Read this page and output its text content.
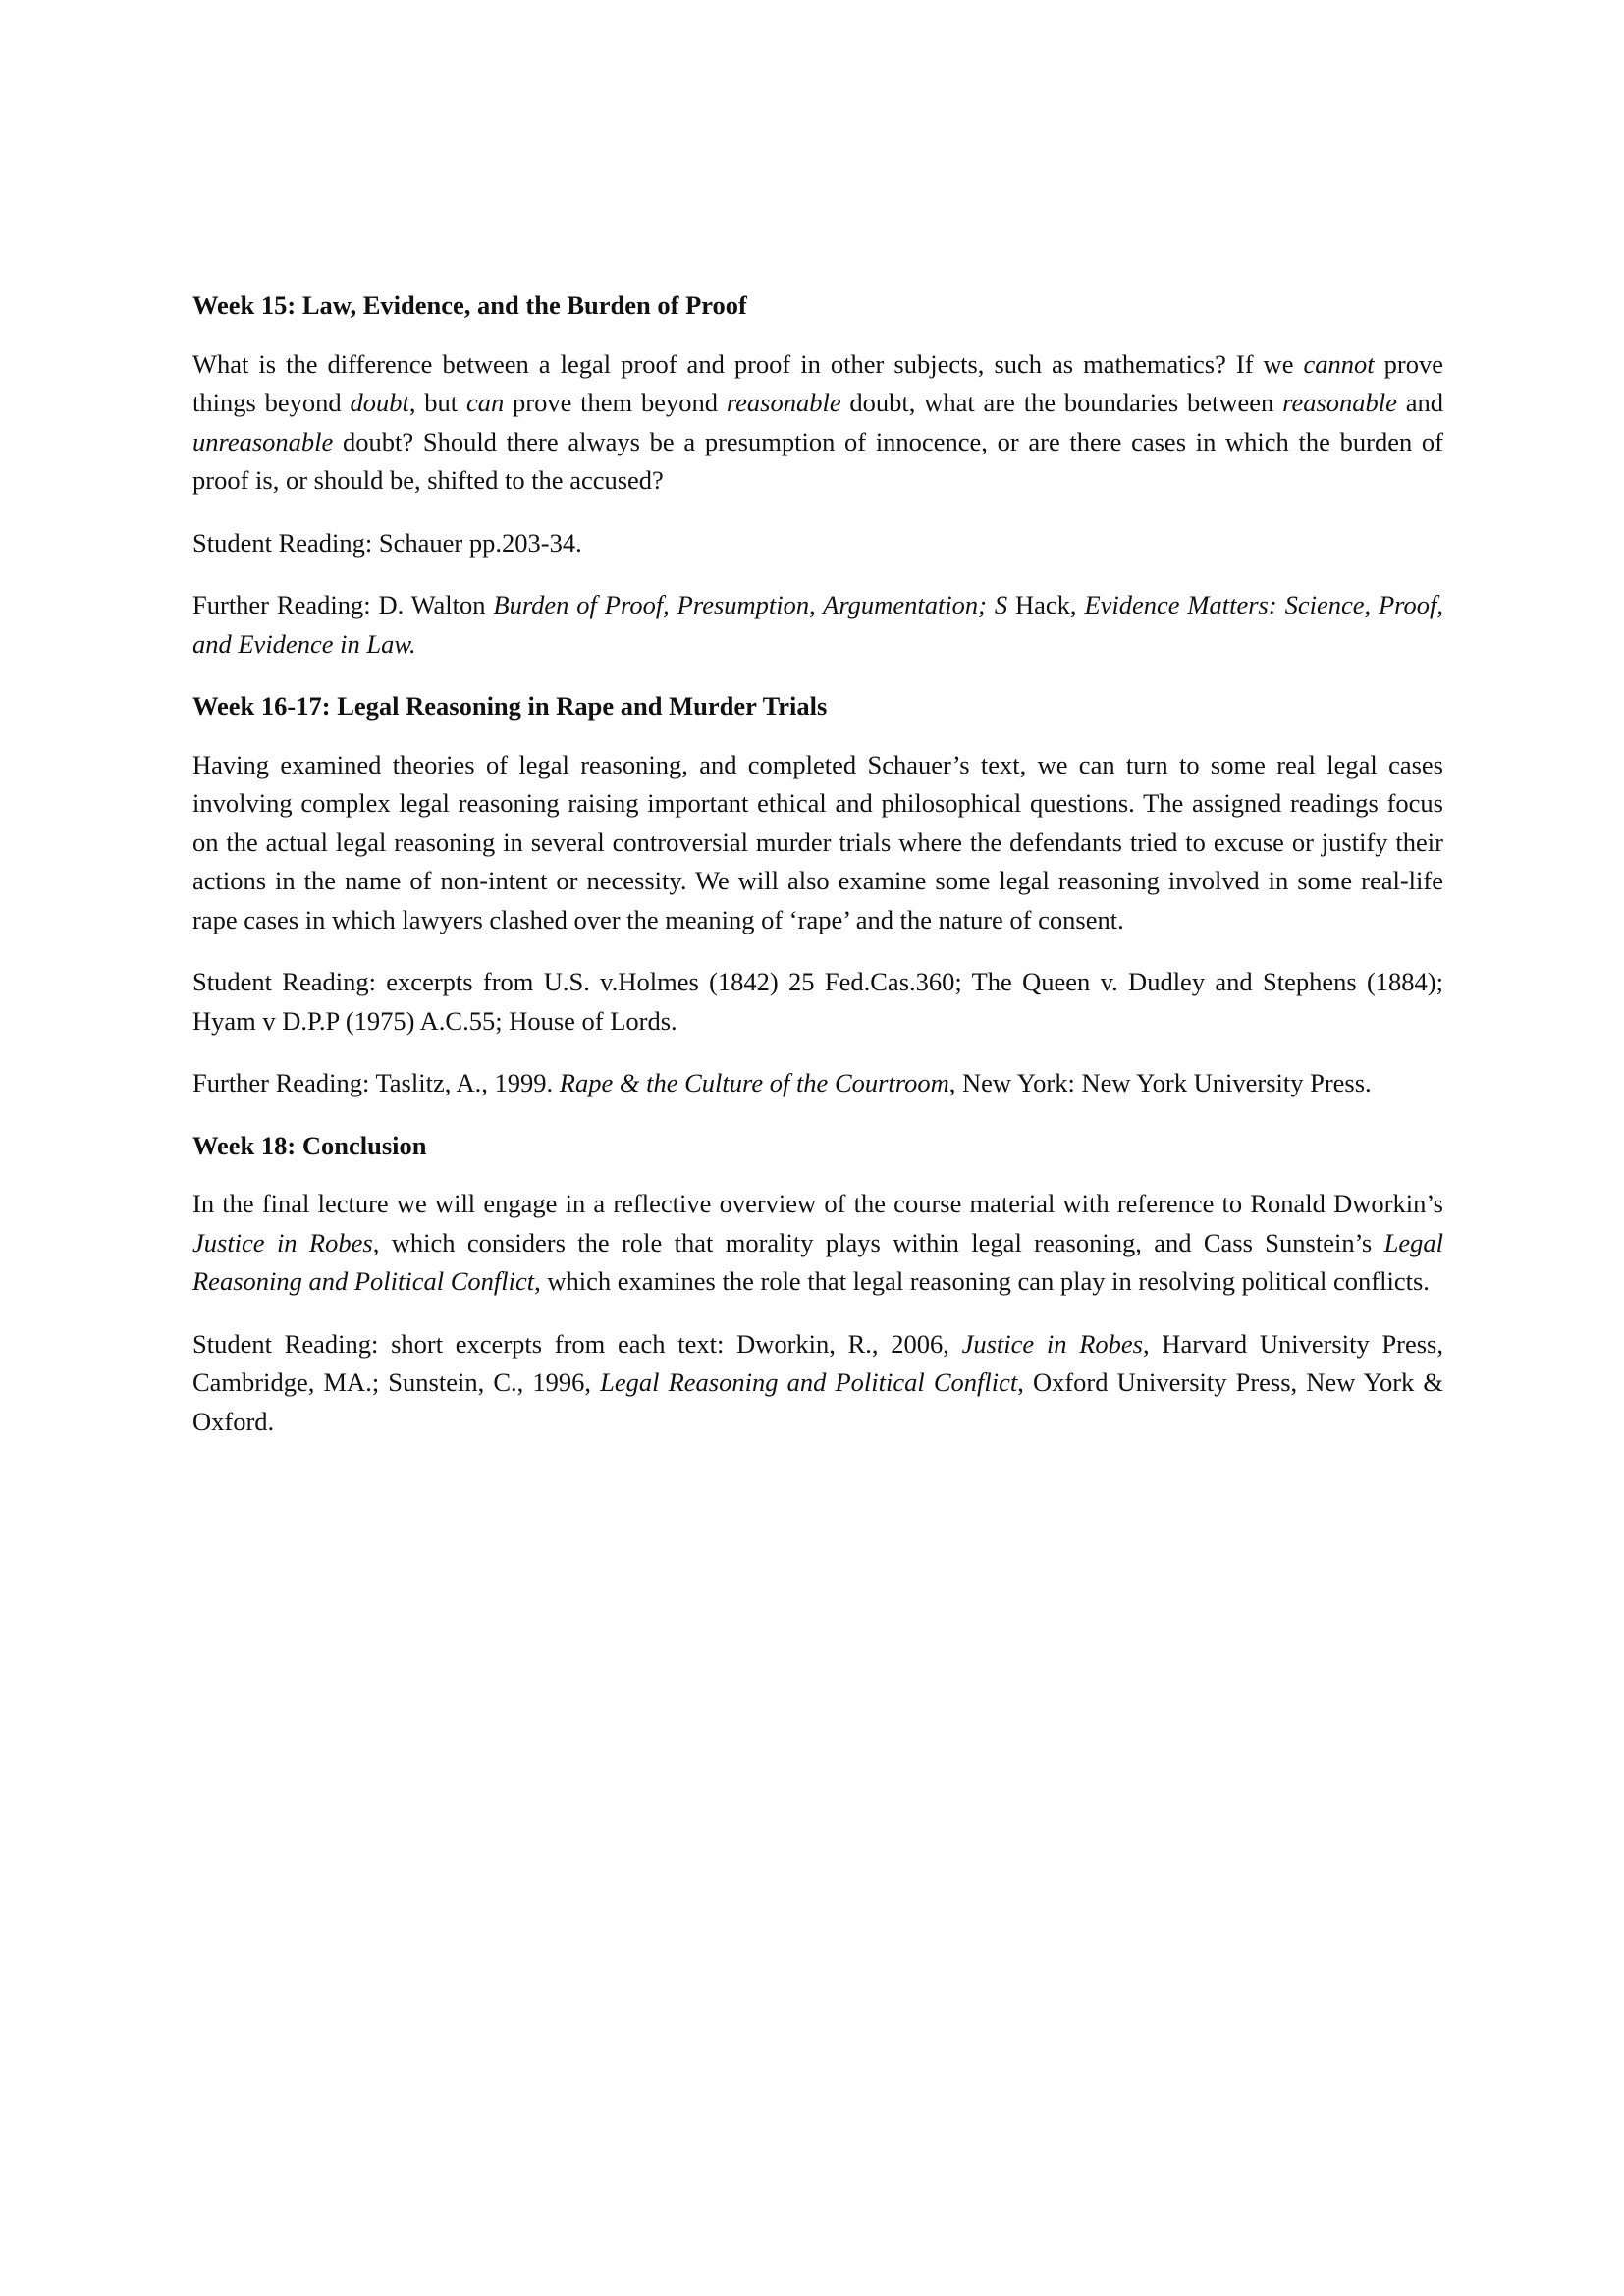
Week 15: Law, Evidence, and the Burden of Proof

What is the difference between a legal proof and proof in other subjects, such as mathematics? If we cannot prove things beyond doubt, but can prove them beyond reasonable doubt, what are the boundaries between reasonable and unreasonable doubt? Should there always be a presumption of innocence, or are there cases in which the burden of proof is, or should be, shifted to the accused?

Student Reading: Schauer pp.203-34.

Further Reading: D. Walton Burden of Proof, Presumption, Argumentation; S Hack, Evidence Matters: Science, Proof, and Evidence in Law.

Week 16-17: Legal Reasoning in Rape and Murder Trials

Having examined theories of legal reasoning, and completed Schauer’s text, we can turn to some real legal cases involving complex legal reasoning raising important ethical and philosophical questions. The assigned readings focus on the actual legal reasoning in several controversial murder trials where the defendants tried to excuse or justify their actions in the name of non-intent or necessity. We will also examine some legal reasoning involved in some real-life rape cases in which lawyers clashed over the meaning of ‘rape’ and the nature of consent.

Student Reading: excerpts from U.S. v.Holmes (1842) 25 Fed.Cas.360; The Queen v. Dudley and Stephens (1884); Hyam v D.P.P (1975) A.C.55; House of Lords.

Further Reading: Taslitz, A., 1999. Rape & the Culture of the Courtroom, New York: New York University Press.

Week 18: Conclusion

In the final lecture we will engage in a reflective overview of the course material with reference to Ronald Dworkin’s Justice in Robes, which considers the role that morality plays within legal reasoning, and Cass Sunstein’s Legal Reasoning and Political Conflict, which examines the role that legal reasoning can play in resolving political conflicts.

Student Reading: short excerpts from each text: Dworkin, R., 2006, Justice in Robes, Harvard University Press, Cambridge, MA.; Sunstein, C., 1996, Legal Reasoning and Political Conflict, Oxford University Press, New York & Oxford.
